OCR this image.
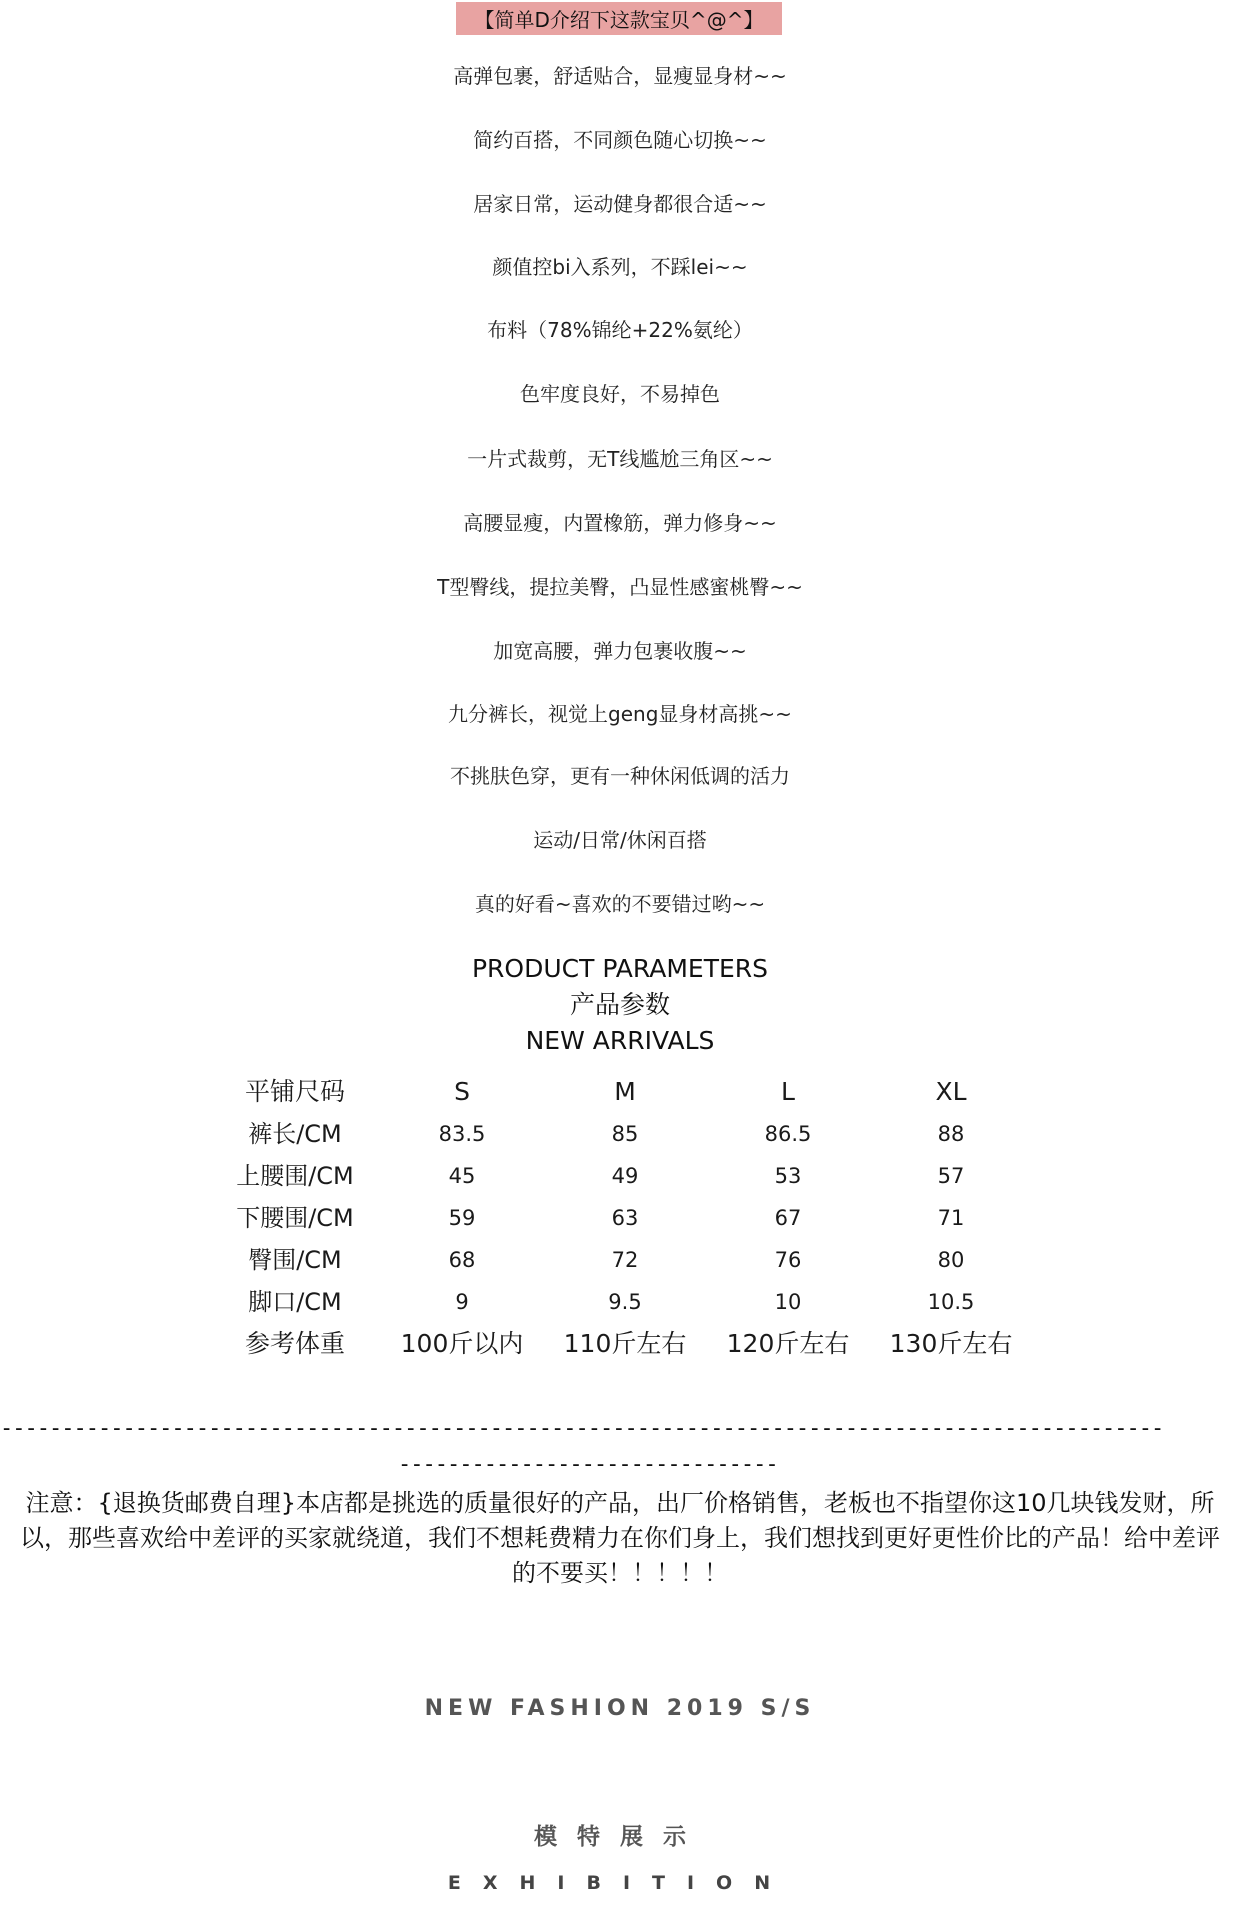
【简单D介绍下这款宝贝^@^】
高弹包裹，舒适贴合，显瘦显身材~~
简约百搭，不同颜色随心切换~~
居家日常，运动健身都很合适~~
颜值控bi入系列，不踩lei~~
布料（78%锦纶+22%氨纶）
色牢度良好，不易掉色
一片式裁剪，无T线尴尬三角区~~
高腰显瘦，内置橡筋，弹力修身~~
T型臀线，提拉美臀，凸显性感蜜桃臀~~
加宽高腰，弹力包裹收腹~~
九分裤长，视觉上geng显身材高挑~~
不挑肤色穿，更有一种休闲低调的活力
运动/日常/休闲百搭
真的好看~喜欢的不要错过哟~~
PRODUCT PARAMETERS
产品参数
NEW ARRIVALS
平铺尺码	S	M	L	XL
裤长/CM	83.5	85	86.5	88
上腰围/CM	45	49	53	57
下腰围/CM	59	63	67	71
臀围/CM	68	72	76	80
脚口/CM	9	9.5	10	10.5
参考体重	100斤以内	110斤左右	120斤左右	130斤左右
-----------------------------------------------------------------------------------------------
-------------------------------
注意：{退换货邮费自理}本店都是挑选的质量很好的产品，出厂价格销售，老板也不指望你这10几块钱发财，所以，那些喜欢给中差评的买家就绕道，我们不想耗费精力在你们身上，我们想找到更好更性价比的产品！给中差评的不要买！！！！！
NEW FASHION 2019 S/S
模特展示
EXHIBITION
